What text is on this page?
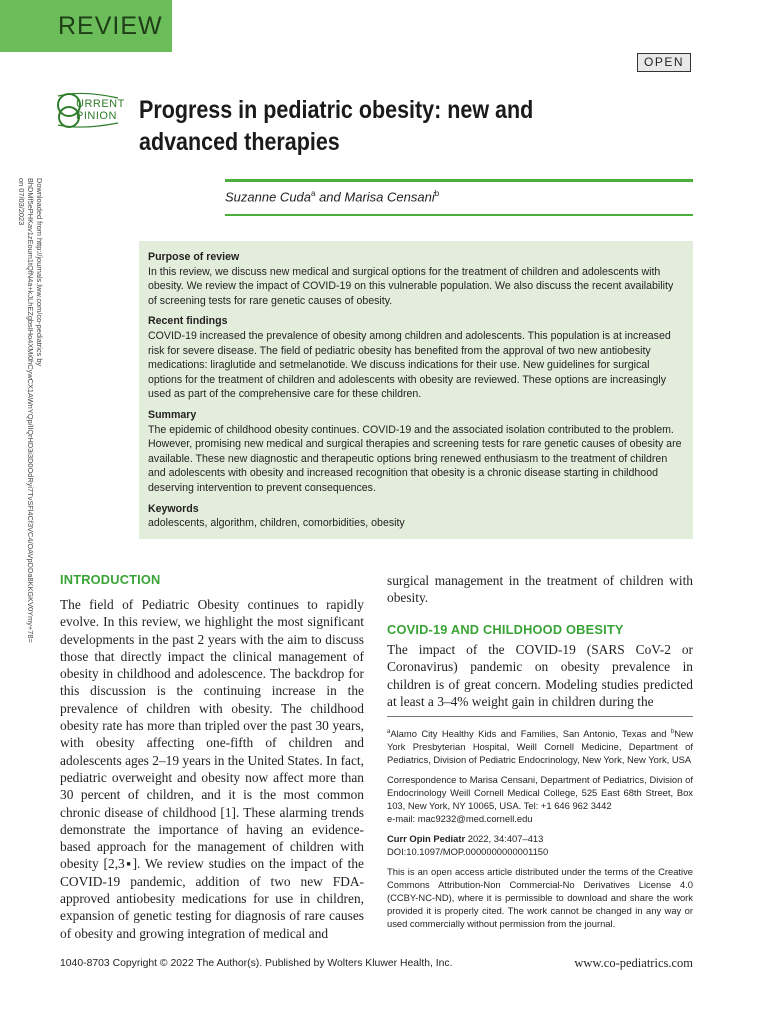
REVIEW
OPEN
URRENT
PINION Progress in pediatric obesity: new and advanced therapies
Suzanne Cuda$^a$ and Marisa Censani$^b$
Downloaded from http://journals.lww.com/co-pediatrics by BhDMf5ePHKav1zEoum1tQfN4a+kJLhEZgbsIHo4XMi0hCywCX1AWnYQp/IlQrHD3i3D0OdRyi7TvSFl4Cf3VC4/OAVpDDa8KKGKV0Ymy+78= on 07/03/2023
Purpose of review

In this review, we discuss new medical and surgical options for the treatment of children and adolescents with obesity. We review the impact of COVID-19 on this vulnerable population. We also discuss the recent availability of screening tests for rare genetic causes of obesity.

Recent findings

COVID-19 increased the prevalence of obesity among children and adolescents. This population is at increased risk for severe disease. The field of pediatric obesity has benefited from the approval of two new antiobesity medications: liraglutide and setmelanotide. We discuss indications for their use. New guidelines for surgical options for the treatment of children and adolescents with obesity are reviewed. These options are increasingly used as part of the comprehensive care for these children.

Summary

The epidemic of childhood obesity continues. COVID-19 and the associated isolation contributed to the problem. However, promising new medical and surgical therapies and screening tests for rare genetic causes of obesity are available. These new diagnostic and therapeutic options bring renewed enthusiasm to the treatment of children and adolescents with obesity and increased recognition that obesity is a chronic disease starting in childhood deserving intervention to prevent consequences.

Keywords

adolescents, algorithm, children, comorbidities, obesity

INTRODUCTION
The field of Pediatric Obesity continues to rapidly evolve. In this review, we highlight the most significant developments in the past 2 years with the aim to discuss those that directly impact the clinical management of obesity in childhood and adolescence. The backdrop for this discussion is the continuing increase in the prevalence of children with obesity. The childhood obesity rate has more than tripled over the past 30 years, with obesity affecting one-fifth of children and adolescents ages 2–19 years in the United States. In fact, pediatric overweight and obesity now affect more than 30 percent of children, and it is the most common chronic disease of childhood [1]. These alarming trends demonstrate the importance of having an evidence-based approach for the management of children with obesity [2,3▪]. We review studies on the impact of the COVID-19 pandemic, addition of two new FDA-approved antiobesity medications for use in children, expansion of genetic testing for diagnosis of rare causes of obesity and growing integration of medical and
surgical management in the treatment of children with obesity.
COVID-19 AND CHILDHOOD OBESITY
The impact of the COVID-19 (SARS CoV-2 or Coronavirus) pandemic on obesity prevalence in children is of great concern. Modeling studies predicted at least a 3–4% weight gain in children during the

$^a$Alamo City Healthy Kids and Families, San Antonio, Texas and $^b$New York Presbyterian Hospital, Weill Cornell Medicine, Department of Pediatrics, Division of Pediatric Endocrinology, New York, New York, USA

Correspondence to Marisa Censani, Department of Pediatrics, Division of Endocrinology Weill Cornell Medical College, 525 East 68th Street, Box 103, New York, NY 10065, USA. Tel: +1 646 962 3442
e-mail: mac9232@med.cornell.edu

Curr Opin Pediatr 2022, 34:407–413
DOI:10.1097/MOP.0000000000001150

This is an open access article distributed under the terms of the Creative Commons Attribution-Non Commercial-No Derivatives License 4.0 (CCBY-NC-ND), where it is permissible to download and share the work provided it is properly cited. The work cannot be changed in any way or used commercially without permission from the journal.

1040-8703 Copyright © 2022 The Author(s). Published by Wolters Kluwer Health, Inc.	www.co-pediatrics.com
